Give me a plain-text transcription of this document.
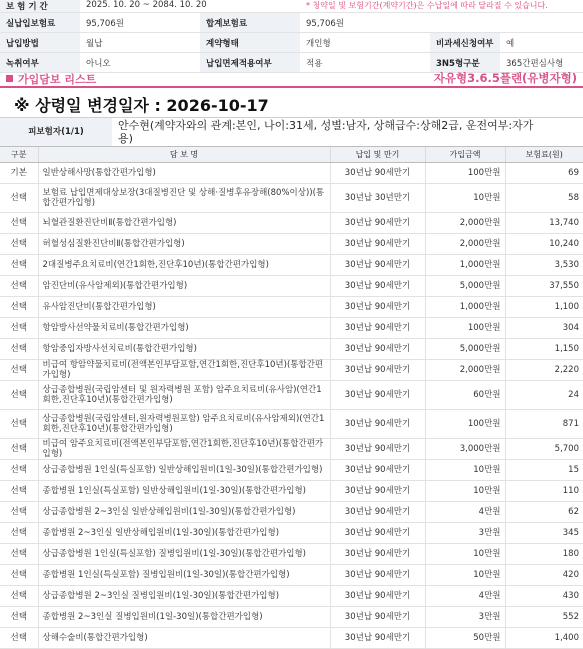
보 험 기 간	2025. 10. 20 ~ 2084. 10. 20		* 청약일 및 보험기간(계약기간)은 수납일에 따라 달라질 수 있습니다.		
실납입보험료	95,706원	합계보험료	95,706원		
납입방법	월납	계약형태	개인형	비과세신청여부	예
녹취여부	아니오	납입면제적용여부	적용	3N5형구분	365간편심사형
가입담보 리스트	자유형3.6.5플랜(유병자형)
※ 상령일 변경일자 : 2026-10-17
피보험자(1/1)	안수현(계약자와의 관계:본인, 나이:31세, 성별:남자, 상해급수:상해2급, 운전여부:자가용)
구분	담 보 명	납입 및 만기	가입금액	보험료(원)
기본	일반상해사망(통합간편가입형)	30년납 90세만기	100만원	69
선택	보험료 납입면제대상보장(3대질병진단 및 상해·질병후유장해(80%이상))(통합간편가입형)	30년납 30년만기	10만원	58
선택	뇌혈관질환진단비Ⅱ(통합간편가입형)	30년납 90세만기	2,000만원	13,740
선택	허혈성심질환진단비Ⅱ(통합간편가입형)	30년납 90세만기	2,000만원	10,240
선택	2대질병주요치료비(연간1회한,진단후10년)(통합간편가입형)	30년납 90세만기	1,000만원	3,530
선택	암진단비(유사암제외)(통합간편가입형)	30년납 90세만기	5,000만원	37,550
선택	유사암진단비(통합간편가입형)	30년납 90세만기	1,000만원	1,100
선택	항암방사선약물치료비(통합간편가입형)	30년납 90세만기	100만원	304
선택	항암중입자방사선치료비(통합간편가입형)	30년납 90세만기	5,000만원	1,150
선택	비급여 항암약물치료비(전액본인부담포함,연간1회한,진단후10년)(통합간편가입형)	30년납 90세만기	2,000만원	2,220
선택	상급종합병원(국립암센터 및 원자력병원 포함) 암주요치료비(유사암)(연간1회한,진단후10년)(통합간편가입형)	30년납 90세만기	60만원	24
선택	상급종합병원(국립암센터,원자력병원포함) 암주요치료비(유사암제외)(연간1회한,진단후10년)(통합간편가입형)	30년납 90세만기	100만원	871
선택	비급여 암주요치료비(전액본인부담포함,연간1회한,진단후10년)(통합간편가입형)	30년납 90세만기	3,000만원	5,700
선택	상급종합병원 1인실(특실포함) 일반상해입원비(1일-30일)(통합간편가입형)	30년납 90세만기	10만원	15
선택	종합병원 1인실(특실포함) 일반상해입원비(1일-30일)(통합간편가입형)	30년납 90세만기	10만원	110
선택	상급종합병원 2~3인실 일반상해입원비(1일-30일)(통합간편가입형)	30년납 90세만기	4만원	62
선택	종합병원 2~3인실 일반상해입원비(1일-30일)(통합간편가입형)	30년납 90세만기	3만원	345
선택	상급종합병원 1인실(특실포함) 질병입원비(1일-30일)(통합간편가입형)	30년납 90세만기	10만원	180
선택	종합병원 1인실(특실포함) 질병입원비(1일-30일)(통합간편가입형)	30년납 90세만기	10만원	420
선택	상급종합병원 2~3인실 질병입원비(1일-30일)(통합간편가입형)	30년납 90세만기	4만원	430
선택	종합병원 2~3인실 질병입원비(1일-30일)(통합간편가입형)	30년납 90세만기	3만원	552
선택	상해수술비(통합간편가입형)	30년납 90세만기	50만원	1,400
